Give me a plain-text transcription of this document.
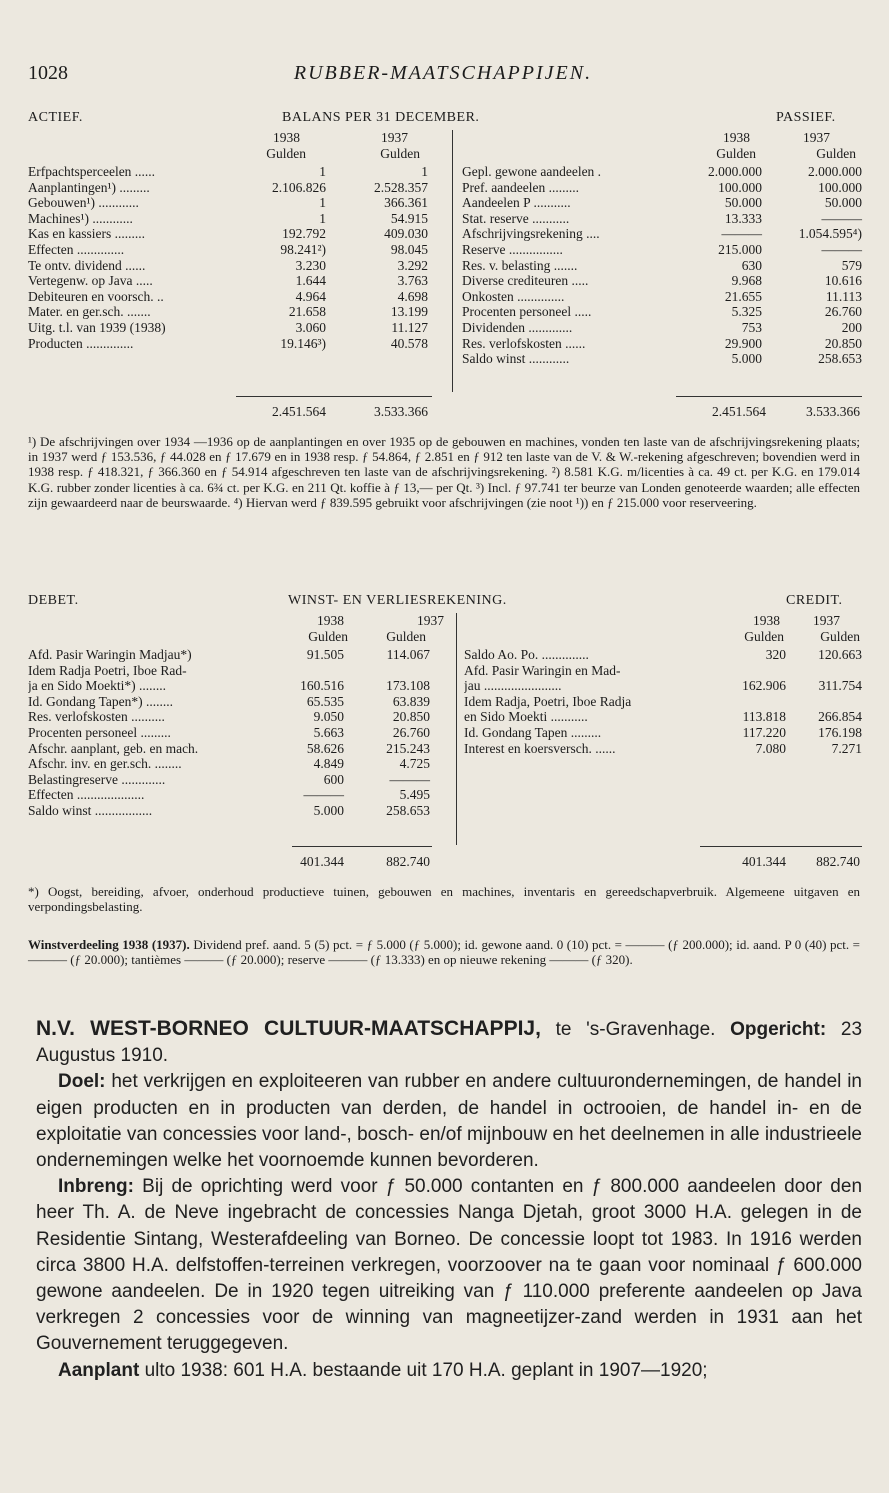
1028	RUBBER-MAATSCHAPPIJEN.
ACTIEF.	BALANS PER 31 DECEMBER.	PASSIEF.
1938	1937	1938	1937
Gulden	Gulden	Gulden	Gulden
Erfpachtsperceelen ......	1	1
Aanplantingen¹) .........	2.106.826	2.528.357
Gebouwen¹) ............	1	366.361
Machines¹) ............	1	54.915
Kas en kassiers .........	192.792	409.030
Effecten ..............	98.241²)	98.045
Te ontv. dividend ......	3.230	3.292
Vertegenw. op Java .....	1.644	3.763
Debiteuren en voorsch. ..	4.964	4.698
Mater. en ger.sch. .......	21.658	13.199
Uitg. t.l. van 1939 (1938)	3.060	11.127
Producten ..............	19.146³)	40.578
Gepl. gewone aandeelen .	2.000.000	2.000.000
Pref. aandeelen .........	100.000	100.000
Aandeelen P ...........	50.000	50.000
Stat. reserve ...........	13.333	———
Afschrijvingsrekening ....	———	1.054.595⁴)
Reserve ................	215.000	———
Res. v. belasting .......	630	579
Diverse crediteuren .....	9.968	10.616
Onkosten ..............	21.655	11.113
Procenten personeel .....	5.325	26.760
Dividenden .............	753	200
Res. verlofskosten ......	29.900	20.850
Saldo winst ............	5.000	258.653
2.451.564	3.533.366	2.451.564	3.533.366
¹) De afschrijvingen over 1934 —1936 op de aanplantingen en over 1935 op de gebouwen en machines, vonden ten laste van de afschrijvingsrekening plaats; in 1937 werd ƒ 153.536, ƒ 44.028 en ƒ 17.679 en in 1938 resp. ƒ 54.864, ƒ 2.851 en ƒ 912 ten laste van de V. & W.-rekening afgeschreven; bovendien werd in 1938 resp. ƒ 418.321, ƒ 366.360 en ƒ 54.914 afgeschreven ten laste van de afschrijvingsrekening. ²) 8.581 K.G. m/licenties à ca. 49 ct. per K.G. en 179.014 K.G. rubber zonder licenties à ca. 6¾ ct. per K.G. en 211 Qt. koffie à ƒ 13,— per Qt. ³) Incl. ƒ 97.741 ter beurze van Londen genoteerde waarden; alle effecten zijn gewaardeerd naar de beurswaarde. ⁴) Hiervan werd ƒ 839.595 gebruikt voor afschrijvingen (zie noot ¹)) en ƒ 215.000 voor reserveering.
DEBET.	WINST- EN VERLIESREKENING.	CREDIT.
1938	1937	1938	1937
Gulden	Gulden	Gulden	Gulden
Afd. Pasir Waringin Madjau*)	91.505	114.067
Idem Radja Poetri, Iboe Rad-
ja en Sido Moekti*) ........	160.516	173.108
Id. Gondang Tapen*) ........	65.535	63.839
Res. verlofskosten ..........	9.050	20.850
Procenten personeel .........	5.663	26.760
Afschr. aanplant, geb. en mach.	58.626	215.243
Afschr. inv. en ger.sch. ........	4.849	4.725
Belastingreserve .............	600	———
Effecten ....................	———	5.495
Saldo winst .................	5.000	258.653
Saldo Ao. Po. ..............	320	120.663
Afd. Pasir Waringin en Mad-
jau .......................	162.906	311.754
Idem Radja, Poetri, Iboe Radja
en Sido Moekti ...........	113.818	266.854
Id. Gondang Tapen .........	117.220	176.198
Interest en koersversch. ......	7.080	7.271
401.344	882.740	401.344	882.740
*) Oogst, bereiding, afvoer, onderhoud productieve tuinen, gebouwen en machines, inventaris en gereedschapverbruik. Algemeene uitgaven en verpondingsbelasting.
Winstverdeeling 1938 (1937). Dividend pref. aand. 5 (5) pct. = ƒ 5.000 (ƒ 5.000); id. gewone aand. 0 (10) pct. = ——— (ƒ 200.000); id. aand. P 0 (40) pct. = ——— (ƒ 20.000); tantièmes ——— (ƒ 20.000); reserve ——— (ƒ 13.333) en op nieuwe rekening ——— (ƒ 320).

N.V. WEST-BORNEO CULTUUR-MAATSCHAPPIJ, te 's-Gravenhage. Opgericht: 23 Augustus 1910.

Doel: het verkrijgen en exploiteeren van rubber en andere cultuurondernemingen, de handel in eigen producten en in producten van derden, de handel in octrooien, de handel in- en de exploitatie van concessies voor land-, bosch- en/of mijnbouw en het deelnemen in alle industrieele ondernemingen welke het voornoemde kunnen bevorderen.

Inbreng: Bij de oprichting werd voor ƒ 50.000 contanten en ƒ 800.000 aandeelen door den heer Th. A. de Neve ingebracht de concessies Nanga Djetah, groot 3000 H.A. gelegen in de Residentie Sintang, Westerafdeeling van Borneo. De concessie loopt tot 1983. In 1916 werden circa 3800 H.A. delfstoffen-terreinen verkregen, voorzoover na te gaan voor nominaal ƒ 600.000 gewone aandeelen. De in 1920 tegen uitreiking van ƒ 110.000 preferente aandeelen op Java verkregen 2 concessies voor de winning van magneetijzer-zand werden in 1931 aan het Gouvernement teruggegeven.

Aanplant ulto 1938: 601 H.A. bestaande uit 170 H.A. geplant in 1907—1920;
